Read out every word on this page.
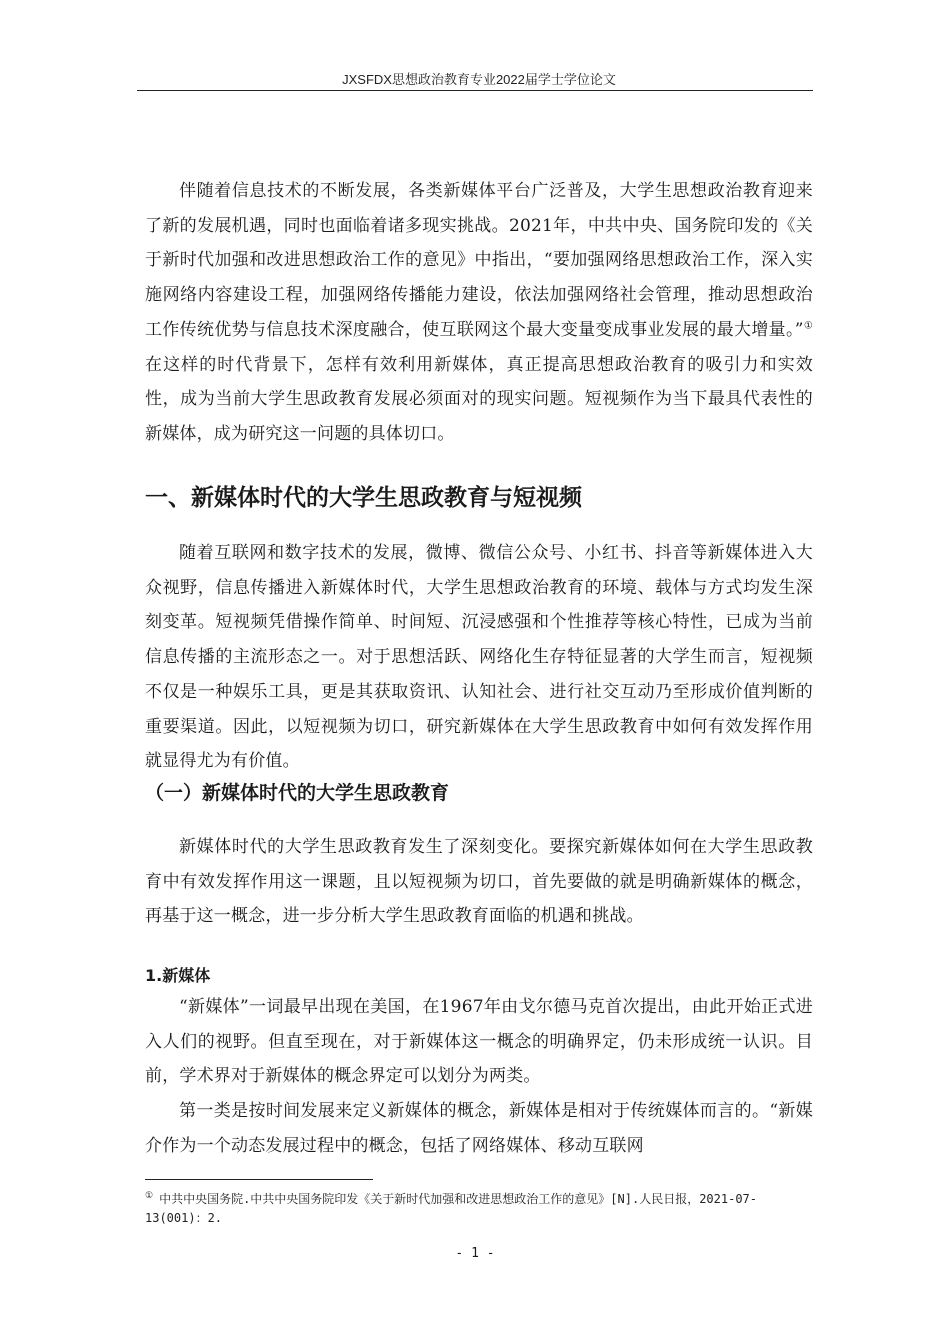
JXSFDX思想政治教育专业2022届学士学位论文

伴随着信息技术的不断发展，各类新媒体平台广泛普及，大学生思想政治教育迎来了新的发展机遇，同时也面临着诸多现实挑战。2021年，中共中央、国务院印发的《关于新时代加强和改进思想政治工作的意见》中指出，“要加强网络思想政治工作，深入实施网络内容建设工程，加强网络传播能力建设，依法加强网络社会管理，推动思想政治工作传统优势与信息技术深度融合，使互联网这个最大变量变成事业发展的最大增量。”①在这样的时代背景下，怎样有效利用新媒体，真正提高思想政治教育的吸引力和实效性，成为当前大学生思政教育发展必须面对的现实问题。短视频作为当下最具代表性的新媒体，成为研究这一问题的具体切口。

一、新媒体时代的大学生思政教育与短视频

随着互联网和数字技术的发展，微博、微信公众号、小红书、抖音等新媒体进入大众视野，信息传播进入新媒体时代，大学生思想政治教育的环境、载体与方式均发生深刻变革。短视频凭借操作简单、时间短、沉浸感强和个性推荐等核心特性，已成为当前信息传播的主流形态之一。对于思想活跃、网络化生存特征显著的大学生而言，短视频不仅是一种娱乐工具，更是其获取资讯、认知社会、进行社交互动乃至形成价值判断的重要渠道。因此，以短视频为切口，研究新媒体在大学生思政教育中如何有效发挥作用就显得尤为有价值。

（一）新媒体时代的大学生思政教育

新媒体时代的大学生思政教育发生了深刻变化。要探究新媒体如何在大学生思政教育中有效发挥作用这一课题，且以短视频为切口，首先要做的就是明确新媒体的概念，再基于这一概念，进一步分析大学生思政教育面临的机遇和挑战。

1.新媒体

“新媒体”一词最早出现在美国，在1967年由戈尔德马克首次提出，由此开始正式进入人们的视野。但直至现在，对于新媒体这一概念的明确界定，仍未形成统一认识。目前，学术界对于新媒体的概念界定可以划分为两类。

第一类是按时间发展来定义新媒体的概念，新媒体是相对于传统媒体而言的。“新媒介作为一个动态发展过程中的概念，包括了网络媒体、移动互联网

① 中共中央国务院.中共中央国务院印发《关于新时代加强和改进思想政治工作的意见》[N].人民日报，2021-07-13(001)：2.

- 1 -
